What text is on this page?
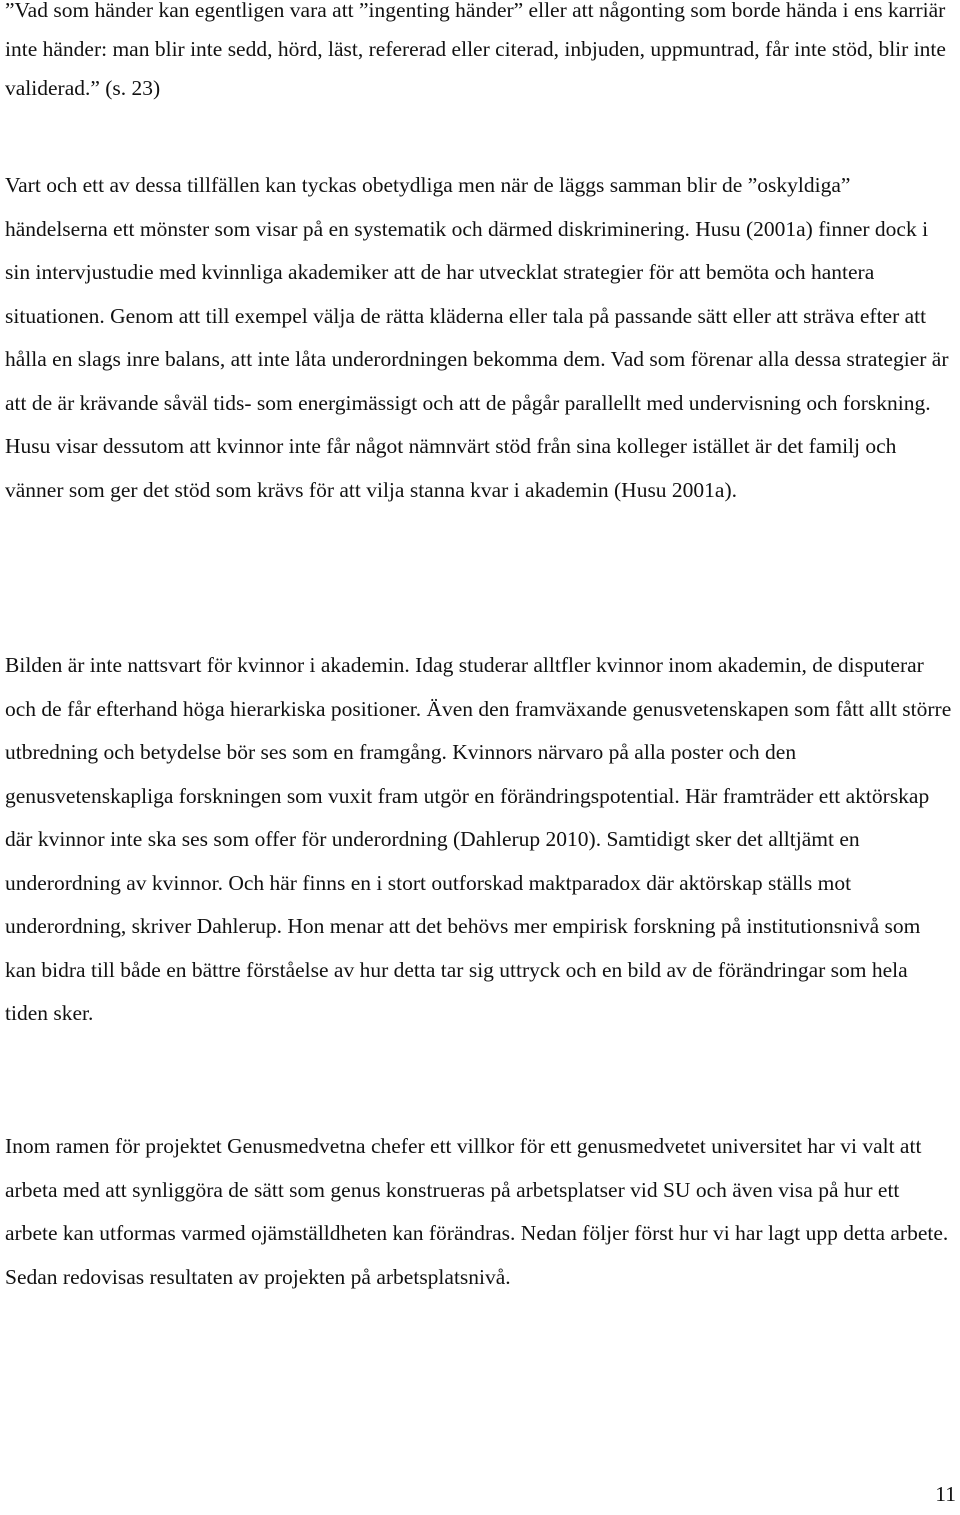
”Vad som händer kan egentligen vara att ”ingenting händer” eller att någonting som borde hända i ens karriär inte händer: man blir inte sedd, hörd, läst, refererad eller citerad, inbjuden, uppmuntrad, får inte stöd, blir inte validerad.” (s. 23)

Vart och ett av dessa tillfällen kan tyckas obetydliga men när de läggs samman blir de ”oskyldiga” händelserna ett mönster som visar på en systematik och därmed diskriminering. Husu (2001a) finner dock i sin intervjustudie med kvinnliga akademiker att de har utvecklat strategier för att bemöta och hantera situationen. Genom att till exempel välja de rätta kläderna eller tala på passande sätt eller att sträva efter att hålla en slags inre balans, att inte låta underordningen bekomma dem. Vad som förenar alla dessa strategier är att de är krävande såväl tids- som energimässigt och att de pågår parallellt med undervisning och forskning. Husu visar dessutom att kvinnor inte får något nämnvärt stöd från sina kolleger istället är det familj och vänner som ger det stöd som krävs för att vilja stanna kvar i akademin (Husu 2001a).

Bilden är inte nattsvart för kvinnor i akademin. Idag studerar alltfler kvinnor inom akademin, de disputerar och de får efterhand höga hierarkiska positioner. Även den framväxande genusvetenskapen som fått allt större utbredning och betydelse bör ses som en framgång. Kvinnors närvaro på alla poster och den genusvetenskapliga forskningen som vuxit fram utgör en förändringspotential. Här framträder ett aktörskap där kvinnor inte ska ses som offer för underordning (Dahlerup 2010). Samtidigt sker det alltjämt en underordning av kvinnor. Och här finns en i stort outforskad maktparadox där aktörskap ställs mot underordning, skriver Dahlerup. Hon menar att det behövs mer empirisk forskning på institutionsnivå som kan bidra till både en bättre förståelse av hur detta tar sig uttryck och en bild av de förändringar som hela tiden sker.

Inom ramen för projektet Genusmedvetna chefer ett villkor för ett genusmedvetet universitet har vi valt att arbeta med att synliggöra de sätt som genus konstrueras på arbetsplatser vid SU och även visa på hur ett arbete kan utformas varmed ojämställdheten kan förändras. Nedan följer först hur vi har lagt upp detta arbete. Sedan redovisas resultaten av projekten på arbetsplatsnivå.

11
